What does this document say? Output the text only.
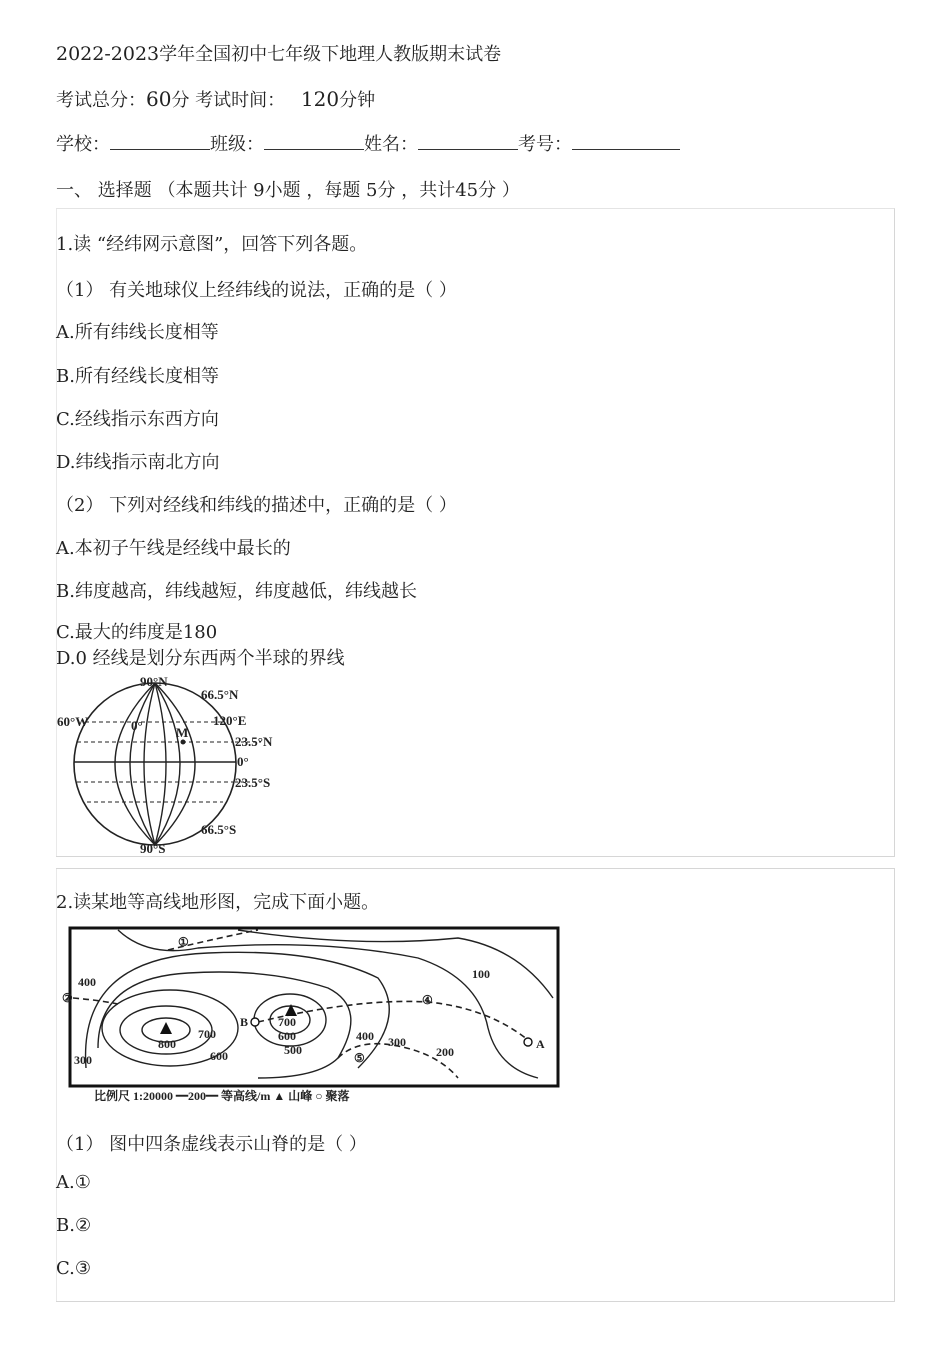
2022-2023学年全国初中七年级下地理人教版期末试卷
考试总分：60分 考试时间： 120分钟
学校：	班级：	姓名：	考号：
一、 选择题 （本题共计 9小题 ，每题 5分 ，共计45分 ）
1.读 “经纬网示意图”，回答下列各题。
（1） 有关地球仪上经纬线的说法，正确的是（ ）
A.所有纬线长度相等
B.所有经线长度相等
C.经线指示东西方向
D.纬线指示南北方向
（2） 下列对经线和纬线的描述中，正确的是（ ）
A.本初子午线是经线中最长的
B.纬度越高，纬线越短，纬度越低，纬线越长
C.最大的纬度是180
D.0 经线是划分东西两个半球的界线
90°N
66.5°N
60°W	0°	120°E
M
23.5°N
0°
23.5°S
66.5°S
90°S
2.读某地等高线地形图，完成下面小题。
①
②	④
⑤
100
400
300
800
700
600
700
600
500
400 300
200
B
A
比例尺 1:20000 ━200━ 等高线/m ▲ 山峰 ○ 聚落
（1） 图中四条虚线表示山脊的是（ ）
A.①
B.②
C.③
